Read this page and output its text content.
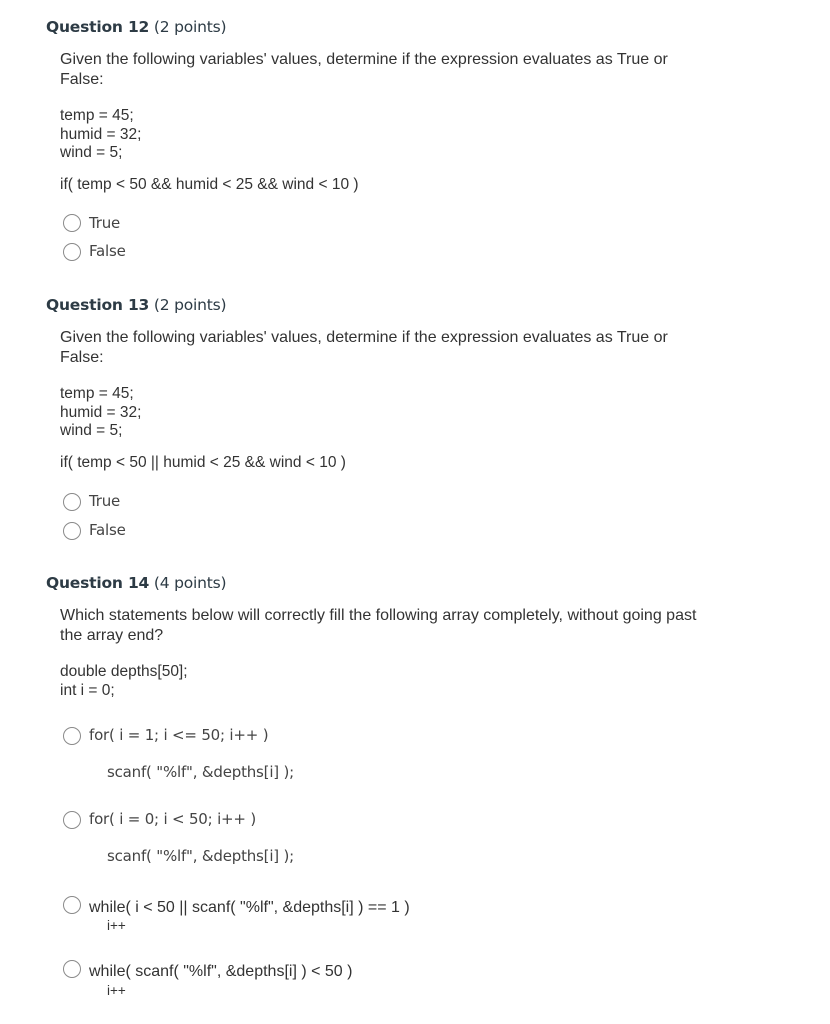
Question 12 (2 points)
Given the following variables' values, determine if the expression evaluates as True or False:
temp = 45;
humid = 32;
wind = 5;
if( temp < 50 && humid < 25 && wind < 10 )
True
False
Question 13 (2 points)
Given the following variables' values, determine if the expression evaluates as True or False:
temp = 45;
humid = 32;
wind = 5;
if( temp < 50 || humid < 25 && wind < 10 )
True
False
Question 14 (4 points)
Which statements below will correctly fill the following array completely, without going past the array end?
double depths[50];
int i = 0;
for( i = 1; i <= 50; i++ )
scanf( "%lf", &depths[i] );
for( i = 0; i < 50; i++ )
scanf( "%lf", &depths[i] );
while( i < 50 || scanf( "%lf", &depths[i] ) == 1 )
i++
while( scanf( "%lf", &depths[i] ) < 50 )
i++
